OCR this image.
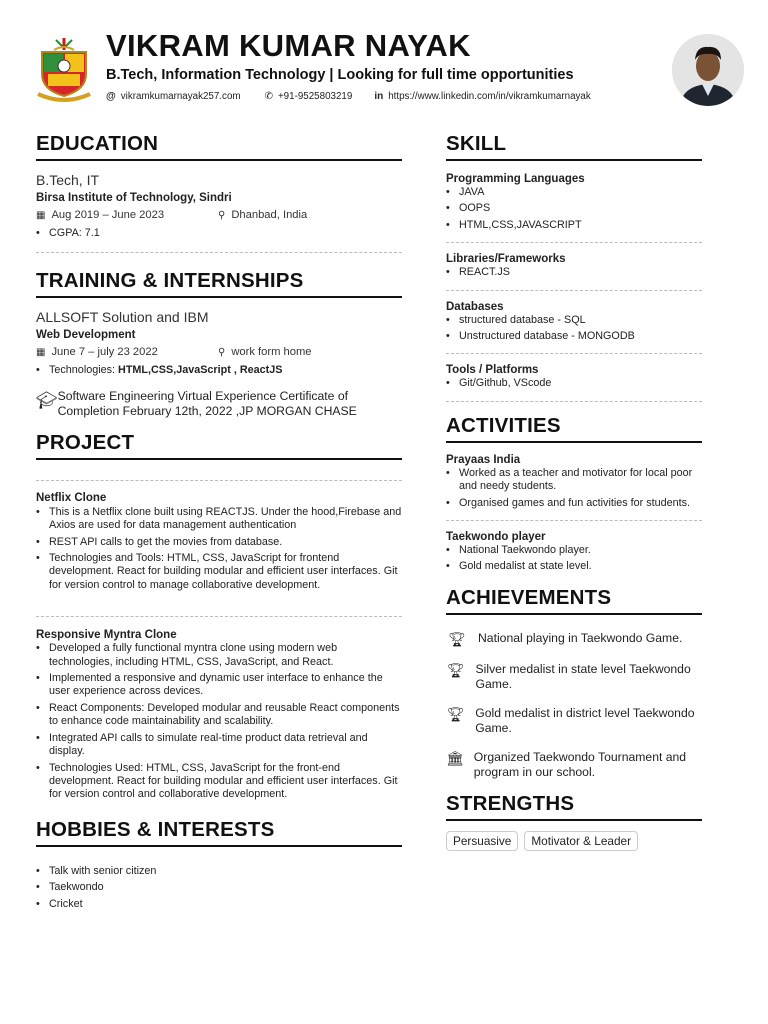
VIKRAM KUMAR NAYAK
B.Tech, Information Technology | Looking for full time opportunities
@ vikramkumarnayak257.com ✆ +91-9525803219 in https://www.linkedin.com/in/vikramkumarnayak
EDUCATION
B.Tech, IT
Birsa Institute of Technology, Sindri
▦ Aug 2019 – June 2023	⚲ Dhanbad, India
• CGPA: 7.1
TRAINING & INTERNSHIPS
ALLSOFT Solution and IBM
Web Development
▦ June 7 – july 23 2022	⚲ work form home
• Technologies: HTML,CSS,JavaScript , ReactJS
🎓︎ Software Engineering Virtual Experience Certificate of Completion February 12th, 2022 ,JP MORGAN CHASE
PROJECT
Netflix Clone
• This is a Netflix clone built using REACTJS. Under the hood,Firebase and Axios are used for data management authentication
• REST API calls to get the movies from database.
• Technologies and Tools: HTML, CSS, JavaScript for frontend development. React for building modular and efficient user interfaces. Git for version control to manage collaborative development.
Responsive Myntra Clone
• Developed a fully functional myntra clone using modern web technologies, including HTML, CSS, JavaScript, and React.
• Implemented a responsive and dynamic user interface to enhance the user experience across devices.
• React Components: Developed modular and reusable React components to enhance code maintainability and scalability.
• Integrated API calls to simulate real-time product data retrieval and display.
• Technologies Used: HTML, CSS, JavaScript for the front-end development. React for building modular and efficient user interfaces. Git for version control and collaborative development.
HOBBIES & INTERESTS
• Talk with senior citizen
• Taekwondo
• Cricket
SKILL
Programming Languages
• JAVA
• OOPS
• HTML,CSS,JAVASCRIPT
Libraries/Frameworks
• REACT.JS
Databases
• structured database - SQL
• Unstructured database - MONGODB
Tools / Platforms
• Git/Github, VScode
ACTIVITIES
Prayaas India
• Worked as a teacher and motivator for local poor and needy students.
• Organised games and fun activities for students.
Taekwondo player
• National Taekwondo player.
• Gold medalist at state level.
ACHIEVEMENTS
🏆︎ National playing in Taekwondo Game.
🏆︎ Silver medalist in state level Taekwondo Game.
🏆︎ Gold medalist in district level Taekwondo Game.
🏛︎ Organized Taekwondo Tournament and program in our school.
STRENGTHS
Persuasive Motivator & Leader
